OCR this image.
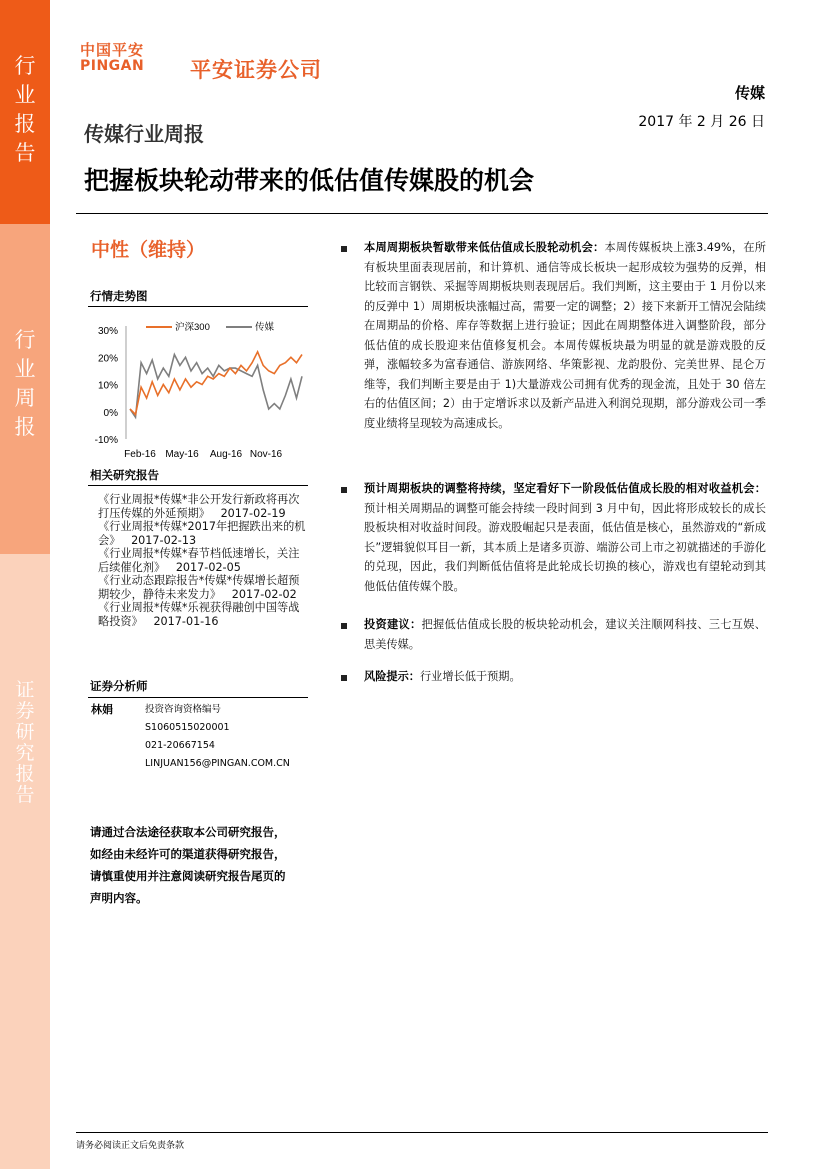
行
业
报
告
行
业
周
报
证
券
研
究
报
告
中国平安
PINGAN 平安证券公司
传媒
传媒行业周报	2017 年 2 月 26 日
把握板块轮动带来的低估值传媒股的机会
中性（维持）
行情走势图
30%
20%
10%
0%
-10%
Feb-16 May-16 Aug-16 Nov-16
沪深300	传媒
相关研究报告
《行业周报*传媒*非公开发行新政将再次打压传媒的外延预期》   2017-02-19
《行业周报*传媒*2017年把握跌出来的机会》   2017-02-13
《行业周报*传媒*春节档低速增长，关注后续催化剂》   2017-02-05
《行业动态跟踪报告*传媒*传媒增长超预期较少，静待未来发力》   2017-02-02
《行业周报*传媒*乐视获得融创中国等战略投资》   2017-01-16
证券分析师
林娟	投资咨询资格编号
S1060515020001
021-20667154
LINJUAN156@PINGAN.COM.CN
请通过合法途径获取本公司研究报告，如经由未经许可的渠道获得研究报告，请慎重使用并注意阅读研究报告尾页的声明内容。
本周周期板块暂歇带来低估值成长股轮动机会：本周传媒板块上涨3.49%，在所有板块里面表现居前，和计算机、通信等成长板块一起形成较为强势的反弹，相比较而言钢铁、采掘等周期板块则表现居后。我们判断，这主要由于 1 月份以来的反弹中 1）周期板块涨幅过高，需要一定的调整；2）接下来新开工情况会陆续在周期品的价格、库存等数据上进行验证；因此在周期整体进入调整阶段，部分低估值的成长股迎来估值修复机会。本周传媒板块最为明显的就是游戏股的反弹，涨幅较多为富春通信、游族网络、华策影视、龙韵股份、完美世界、昆仑万维等，我们判断主要是由于 1)大量游戏公司拥有优秀的现金流，且处于 30 倍左右的估值区间；2）由于定增诉求以及新产品进入利润兑现期，部分游戏公司一季度业绩将呈现较为高速成长。
预计周期板块的调整将持续，坚定看好下一阶段低估值成长股的相对收益机会：预计相关周期品的调整可能会持续一段时间到 3 月中旬，因此将形成较长的成长股板块相对收益时间段。游戏股崛起只是表面，低估值是核心，虽然游戏的“新成长”逻辑貌似耳目一新，其本质上是诸多页游、端游公司上市之初就描述的手游化的兑现，因此，我们判断低估值将是此轮成长切换的核心，游戏也有望轮动到其他低估值传媒个股。
投资建议：把握低估值成长股的板块轮动机会，建议关注顺网科技、三七互娱、思美传媒。
风险提示：行业增长低于预期。
请务必阅读正文后免责条款
